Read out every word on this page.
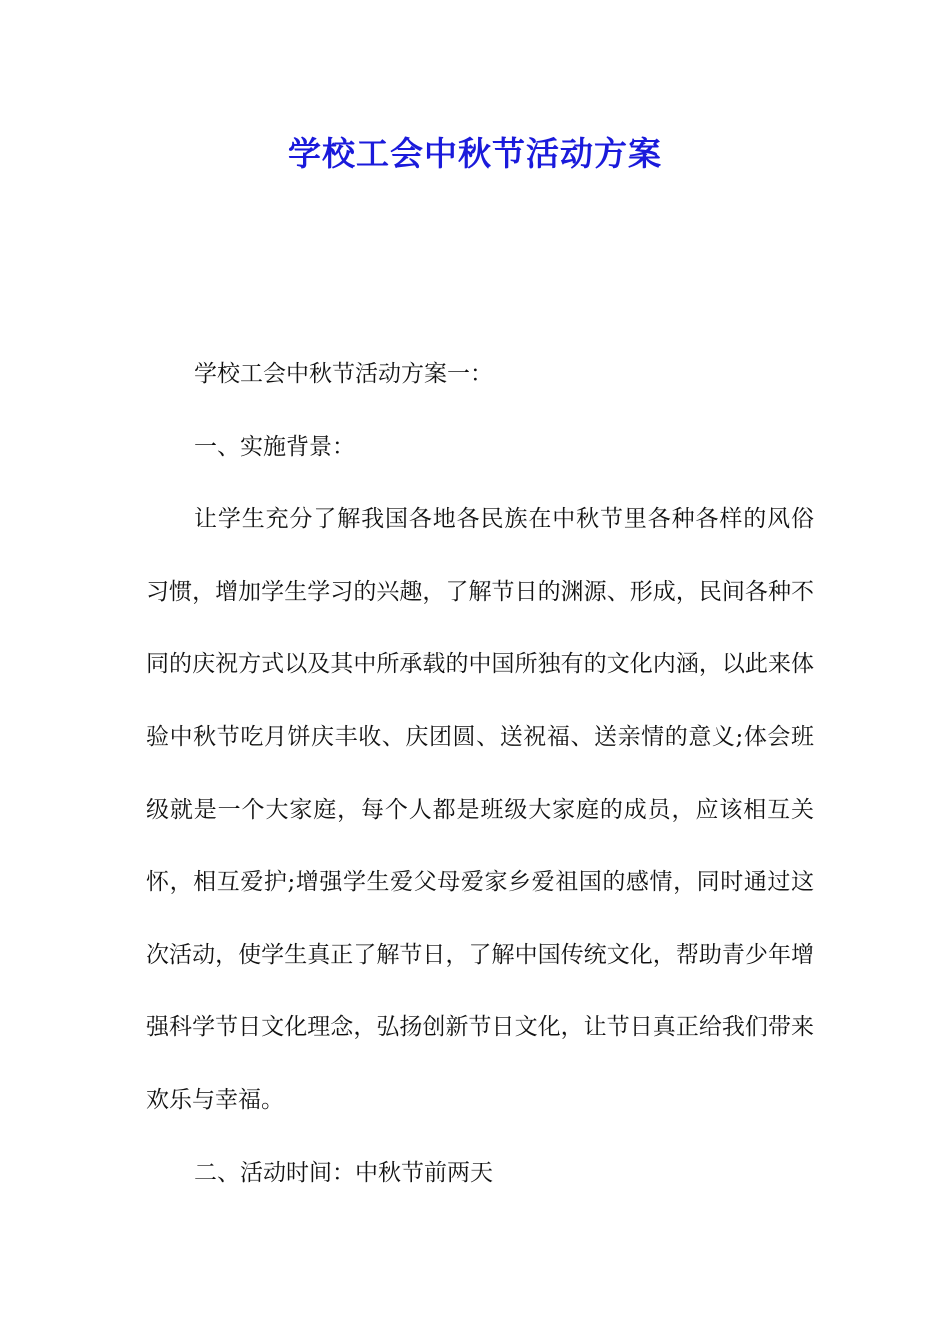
学校工会中秋节活动方案

学校工会中秋节活动方案一：

一、实施背景：

让学生充分了解我国各地各民族在中秋节里各种各样的风俗习惯，增加学生学习的兴趣，了解节日的渊源、形成，民间各种不同的庆祝方式以及其中所承载的中国所独有的文化内涵，以此来体验中秋节吃月饼庆丰收、庆团圆、送祝福、送亲情的意义;体会班级就是一个大家庭，每个人都是班级大家庭的成员，应该相互关怀，相互爱护;增强学生爱父母爱家乡爱祖国的感情，同时通过这次活动，使学生真正了解节日，了解中国传统文化，帮助青少年增强科学节日文化理念，弘扬创新节日文化，让节日真正给我们带来欢乐与幸福。

二、活动时间：中秋节前两天
